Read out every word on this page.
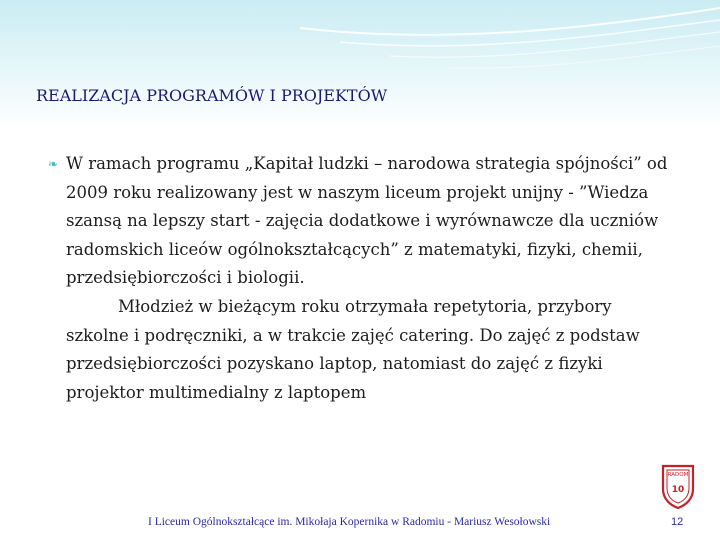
REALIZACJA PROGRAMÓW I PROJEKTÓW

❧ W ramach programu „Kapitał ludzki – narodowa strategia spójności” od 2009 roku realizowany jest w naszym liceum projekt unijny - ”Wiedza szansą na lepszy start - zajęcia dodatkowe i wyrównawcze dla uczniów radomskich liceów ogólnokształcących” z matematyki, fizyki, chemii, przedsiębiorczości i biologii.

Młodzież w bieżącym roku otrzymała repetytoria, przybory szkolne i podręczniki, a w trakcie zajęć catering. Do zajęć z podstaw przedsiębiorczości pozyskano laptop, natomiast do zajęć z fizyki projektor multimedialny z laptopem

RADOM
10
I Liceum Ogólnokształcące im. Mikołaja Kopernika w Radomiu - Mariusz Wesołowski	12
